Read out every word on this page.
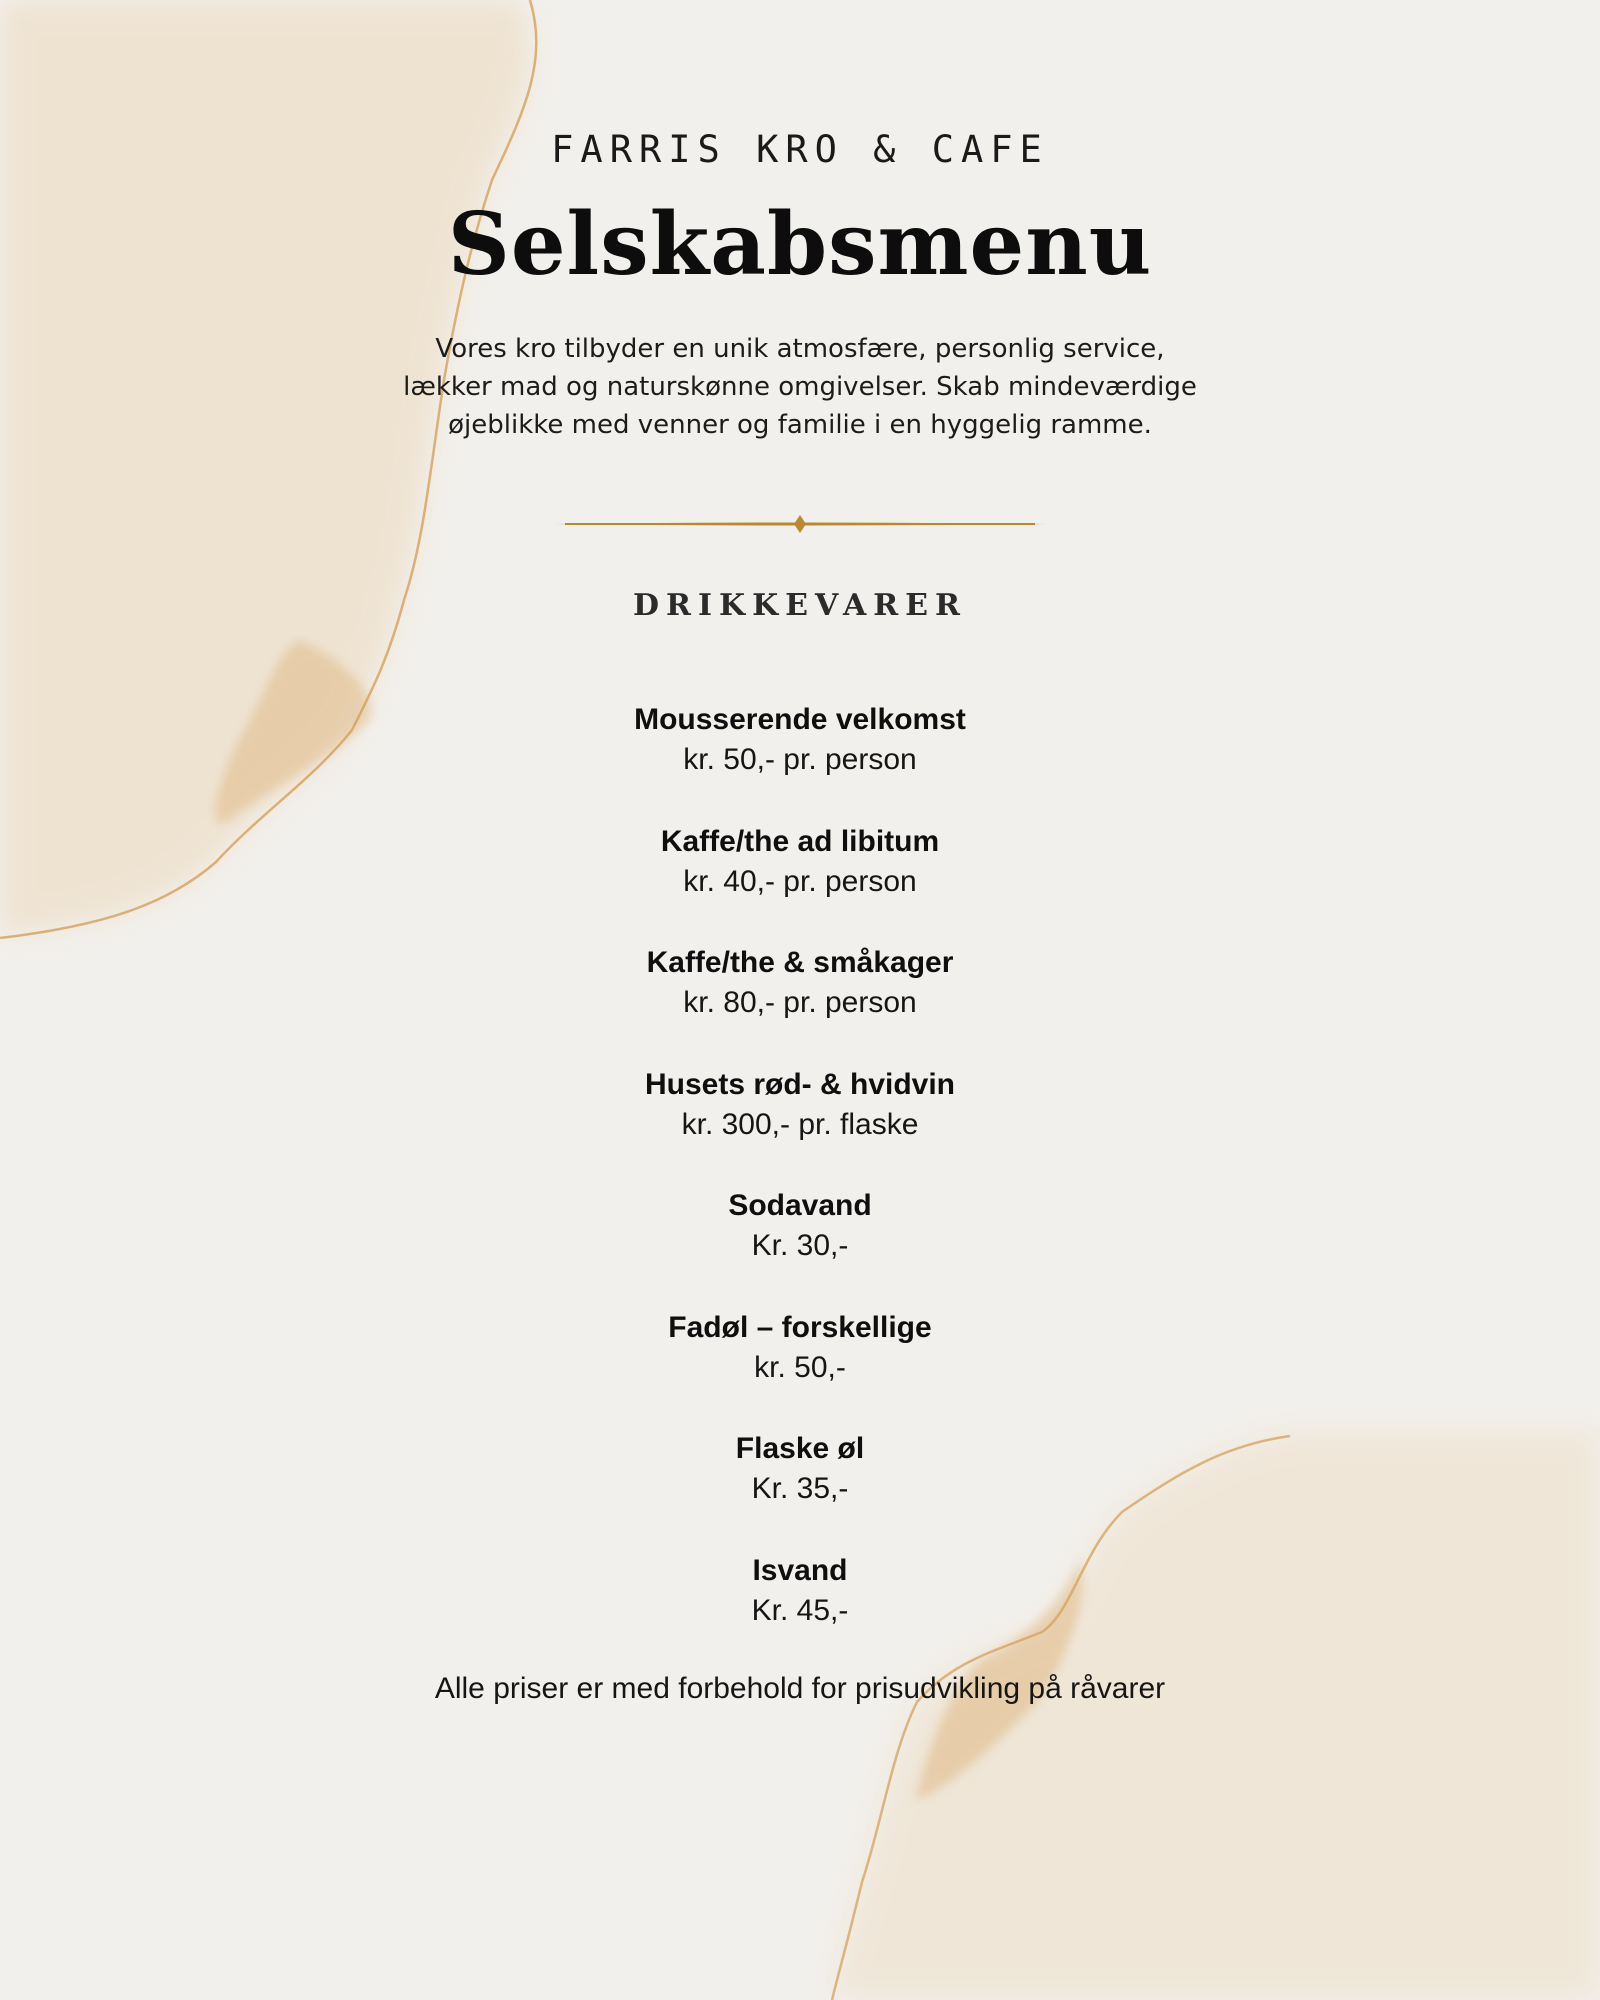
FARRIS KRO & CAFE
Selskabsmenu
Vores kro tilbyder en unik atmosfære, personlig service, lækker mad og naturskønne omgivelser. Skab mindeværdige øjeblikke med venner og familie i en hyggelig ramme.
DRIKKEVARER
Mousserende velkomst
kr. 50,- pr. person
Kaffe/the ad libitum
kr. 40,- pr. person
Kaffe/the & småkager
kr. 80,- pr. person
Husets rød- & hvidvin
kr. 300,- pr. flaske
Sodavand
Kr. 30,-
Fadøl – forskellige
kr. 50,-
Flaske øl
Kr. 35,-
Isvand
Kr. 45,-
Alle priser er med forbehold for prisudvikling på råvarer
